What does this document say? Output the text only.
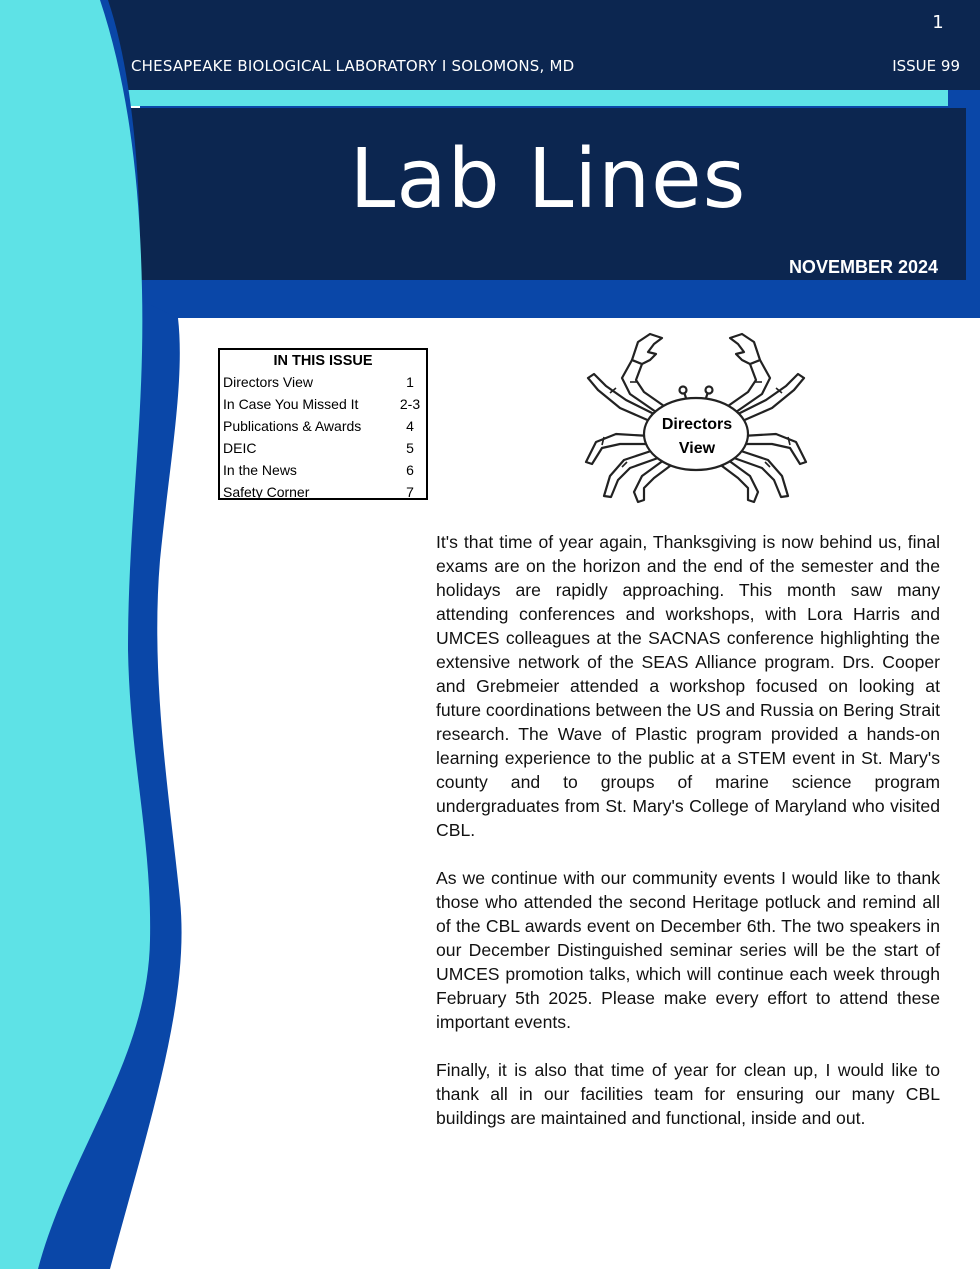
1
CHESAPEAKE BIOLOGICAL LABORATORY I SOLOMONS, MD	ISSUE 99
Lab Lines
NOVEMBER 2024
IN THIS ISSUE
Directors View	1
In Case You Missed It	2-3
Publications & Awards	4
DEIC	5
In the News	6
Safety Corner	7
Directors
View

It's that time of year again, Thanksgiving is now behind us, final exams are on the horizon and the end of the semester and the holidays are rapidly approaching. This month saw many attending conferences and workshops, with Lora Harris and UMCES colleagues at the SACNAS conference highlighting the extensive network of the SEAS Alliance program. Drs. Cooper and Grebmeier attended a workshop focused on looking at future coordinations between the US and Russia on Bering Strait research. The Wave of Plastic program provided a hands-on learning experience to the public at a STEM event in St. Mary's county and to groups of marine science program undergraduates from St. Mary's College of Maryland who visited CBL.

As we continue with our community events I would like to thank those who attended the second Heritage potluck and remind all of the CBL awards event on December 6th. The two speakers in our December Distinguished seminar series will be the start of UMCES promotion talks, which will continue each week through February 5th 2025. Please make every effort to attend these important events.

Finally, it is also that time of year for clean up, I would like to thank all in our facilities team for ensuring our many CBL buildings are maintained and functional, inside and out.
